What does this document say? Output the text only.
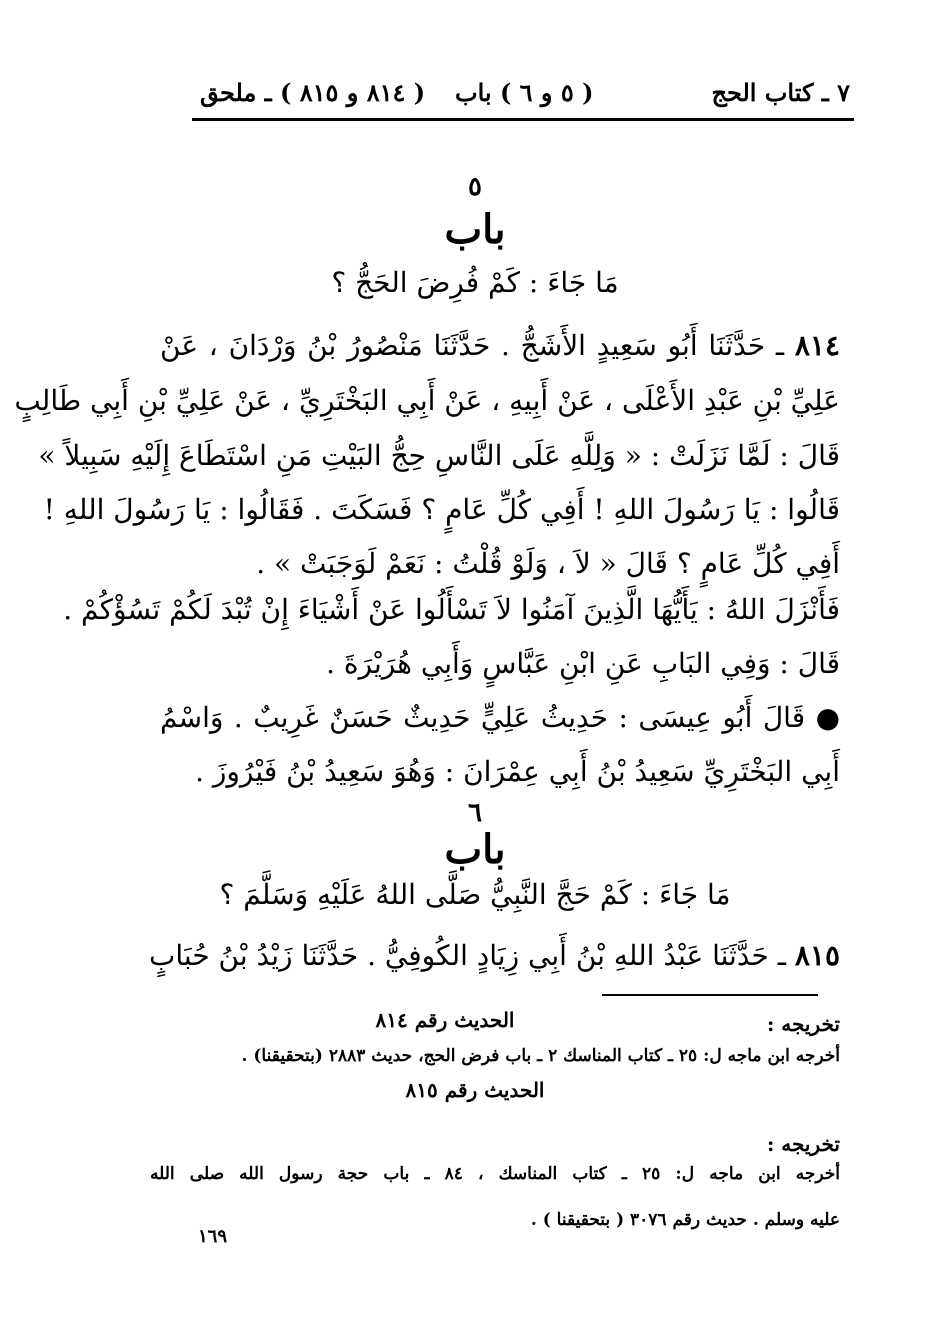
٧ ـ كتاب الحج
( ٥ و ٦ ) باب
( ٨١٤ و ٨١٥ ) ـ ملحق
٥
باب
مَا جَاءَ : كَمْ فُرِضَ الحَجُّ ؟
٨١٤ ـ حَدَّثَنَا أَبُو سَعِيدٍ الأَشَجُّ . حَدَّثَنَا مَنْصُورُ بْنُ وَرْدَانَ ، عَنْ
عَلِيِّ بْنِ عَبْدِ الأَعْلَى ، عَنْ أَبِيهِ ، عَنْ أَبِي البَخْتَرِيِّ ، عَنْ عَلِيِّ بْنِ أَبِي طَالِبٍ
قَالَ : لَمَّا نَزَلَتْ : « وَلِلَّهِ عَلَى النَّاسِ حِجُّ البَيْتِ مَنِ اسْتَطَاعَ إِلَيْهِ سَبِيلاً »
قَالُوا : يَا رَسُولَ اللهِ ! أَفِي كُلِّ عَامٍ ؟ فَسَكَتَ . فَقَالُوا : يَا رَسُولَ اللهِ !
أَفِي كُلِّ عَامٍ ؟ قَالَ « لاَ ، وَلَوْ قُلْتُ : نَعَمْ لَوَجَبَتْ » .
فَأَنْزَلَ اللهُ : يَأَيُّهَا الَّذِينَ آمَنُوا لاَ تَسْأَلُوا عَنْ أَشْيَاءَ إِنْ تُبْدَ لَكُمْ تَسُؤْكُمْ .
قَالَ : وَفِي البَابِ عَنِ ابْنِ عَبَّاسٍ وَأَبِي هُرَيْرَةَ .
● قَالَ أَبُو عِيسَى : حَدِيثُ عَلِيٍّ حَدِيثٌ حَسَنٌ غَرِيبٌ . وَاسْمُ
أَبِي البَخْتَرِيِّ سَعِيدُ بْنُ أَبِي عِمْرَانَ : وَهُوَ سَعِيدُ بْنُ فَيْرُوزَ .
٦
باب
مَا جَاءَ : كَمْ حَجَّ النَّبِيُّ صَلَّى اللهُ عَلَيْهِ وَسَلَّمَ ؟
٨١٥ ـ حَدَّثَنَا عَبْدُ اللهِ بْنُ أَبِي زِيَادٍ الكُوفِيُّ . حَدَّثَنَا زَيْدُ بْنُ حُبَابٍ
الحديث رقم ٨١٤	تخريجه :
أخرجه ابن ماجه ل: ٢٥ ـ كتاب المناسك ٢ ـ باب فرض الحج، حديث ٢٨٨٣ (بتحقيقنا) .
الحديث رقم ٨١٥
تخريجه :
أخرجه ابن ماجه ل: ٢٥ ـ كتاب المناسك ، ٨٤ ـ باب حجة رسول الله صلى الله
عليه وسلم . حديث رقم ٣٠٧٦ ( بتحقيقنا ) .
١٦٩
